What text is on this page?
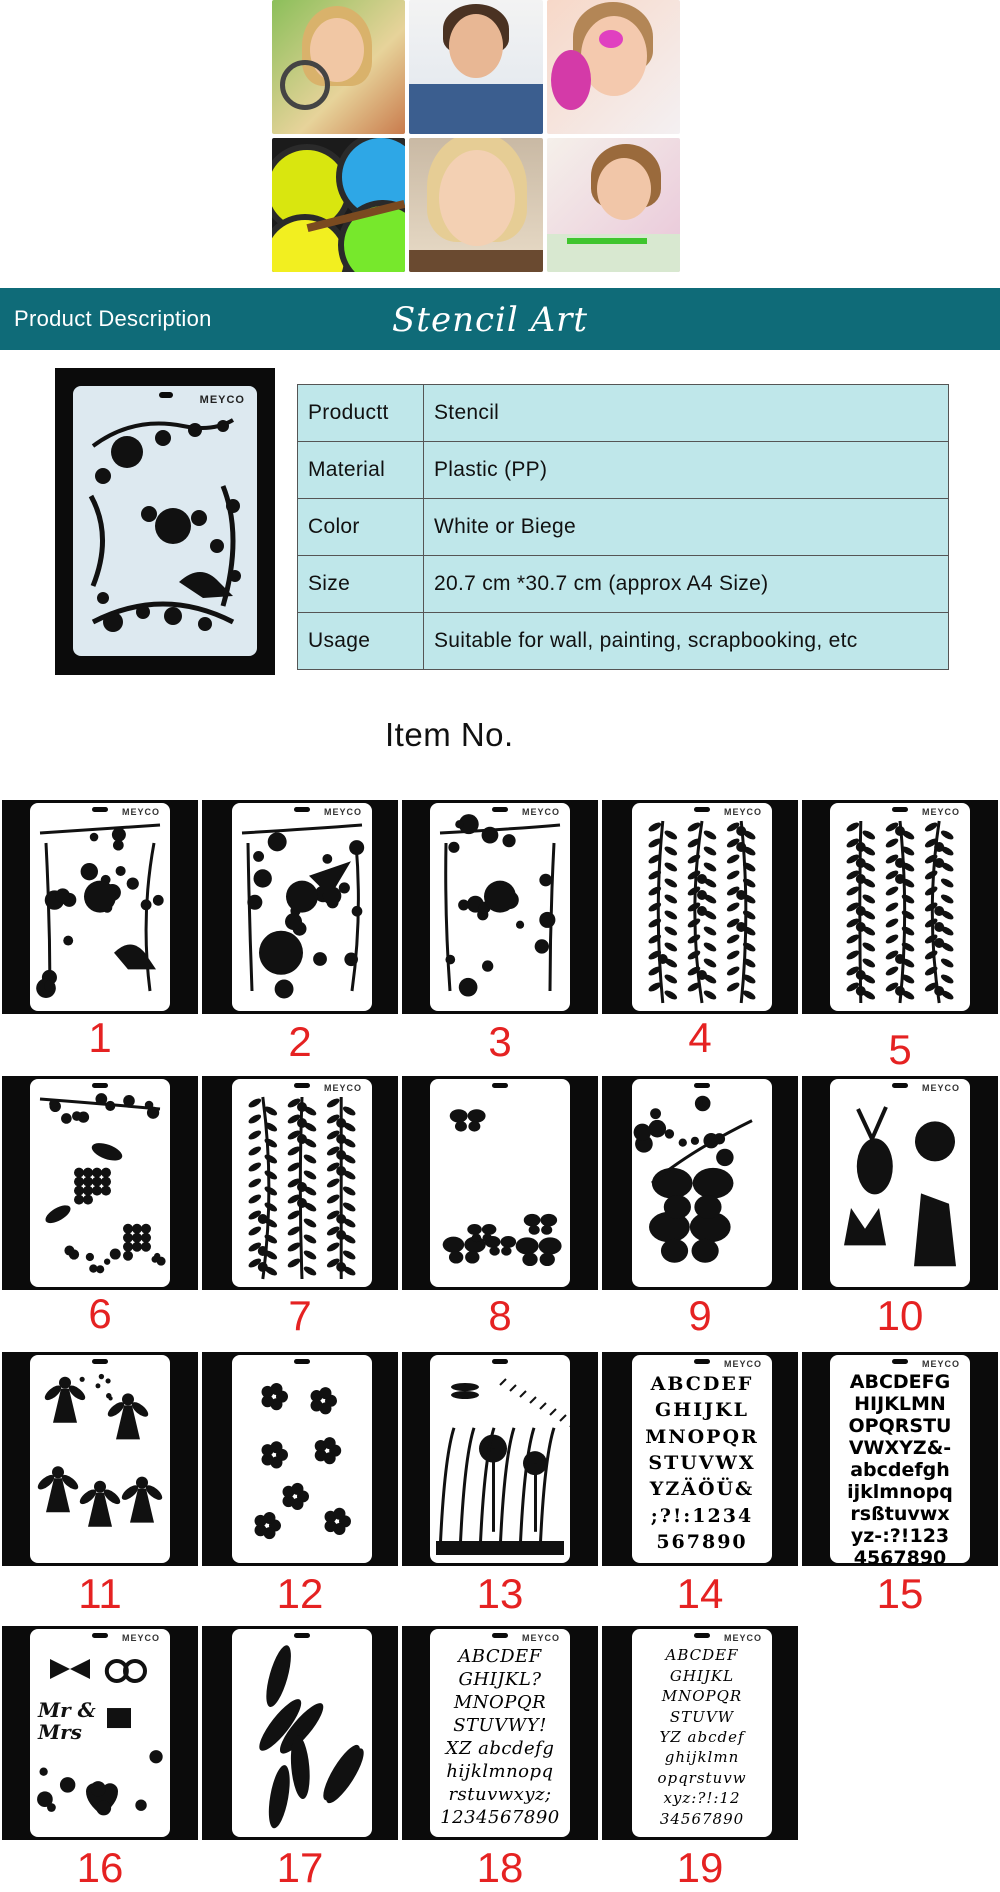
Product Description	Stencil Art
MEYCO
Productt	Stencil
Material	Plastic (PP)
Color	White or Biege
Size	20.7 cm *30.7 cm (approx A4 Size)
Usage	Suitable for wall, painting, scrapbooking, etc
Item No.
MEYCO
1
MEYCO
2
MEYCO
3
MEYCO
4
MEYCO
5
6
MEYCO
7	8	9
MEYCO
10
11	12	13
MEYCO
ABCDEF
GHIJKL
MNOPQR
STUVWX
YZÄÖÜ&
;?!:1234
567890
14
MEYCO
ABCDEFG
HIJKLMN
OPQRSTU
VWXYZ&-
abcdefgh
ijklmnopq
rsßtuvwx
yz-:?!123
4567890
15
MEYCO
Mr & Mrs
16	17
MEYCO
ABCDEF
GHIJKL?
MNOPQR
STUVWY!
XZ abcdefg
hijklmnopq
rstuvwxyz;
1234567890
18
MEYCO
ABCDEF
GHIJKL
MNOPQR
STUVW
YZ abcdef
ghijklmn
opqrstuvw
xyz:?!:12
34567890
19
